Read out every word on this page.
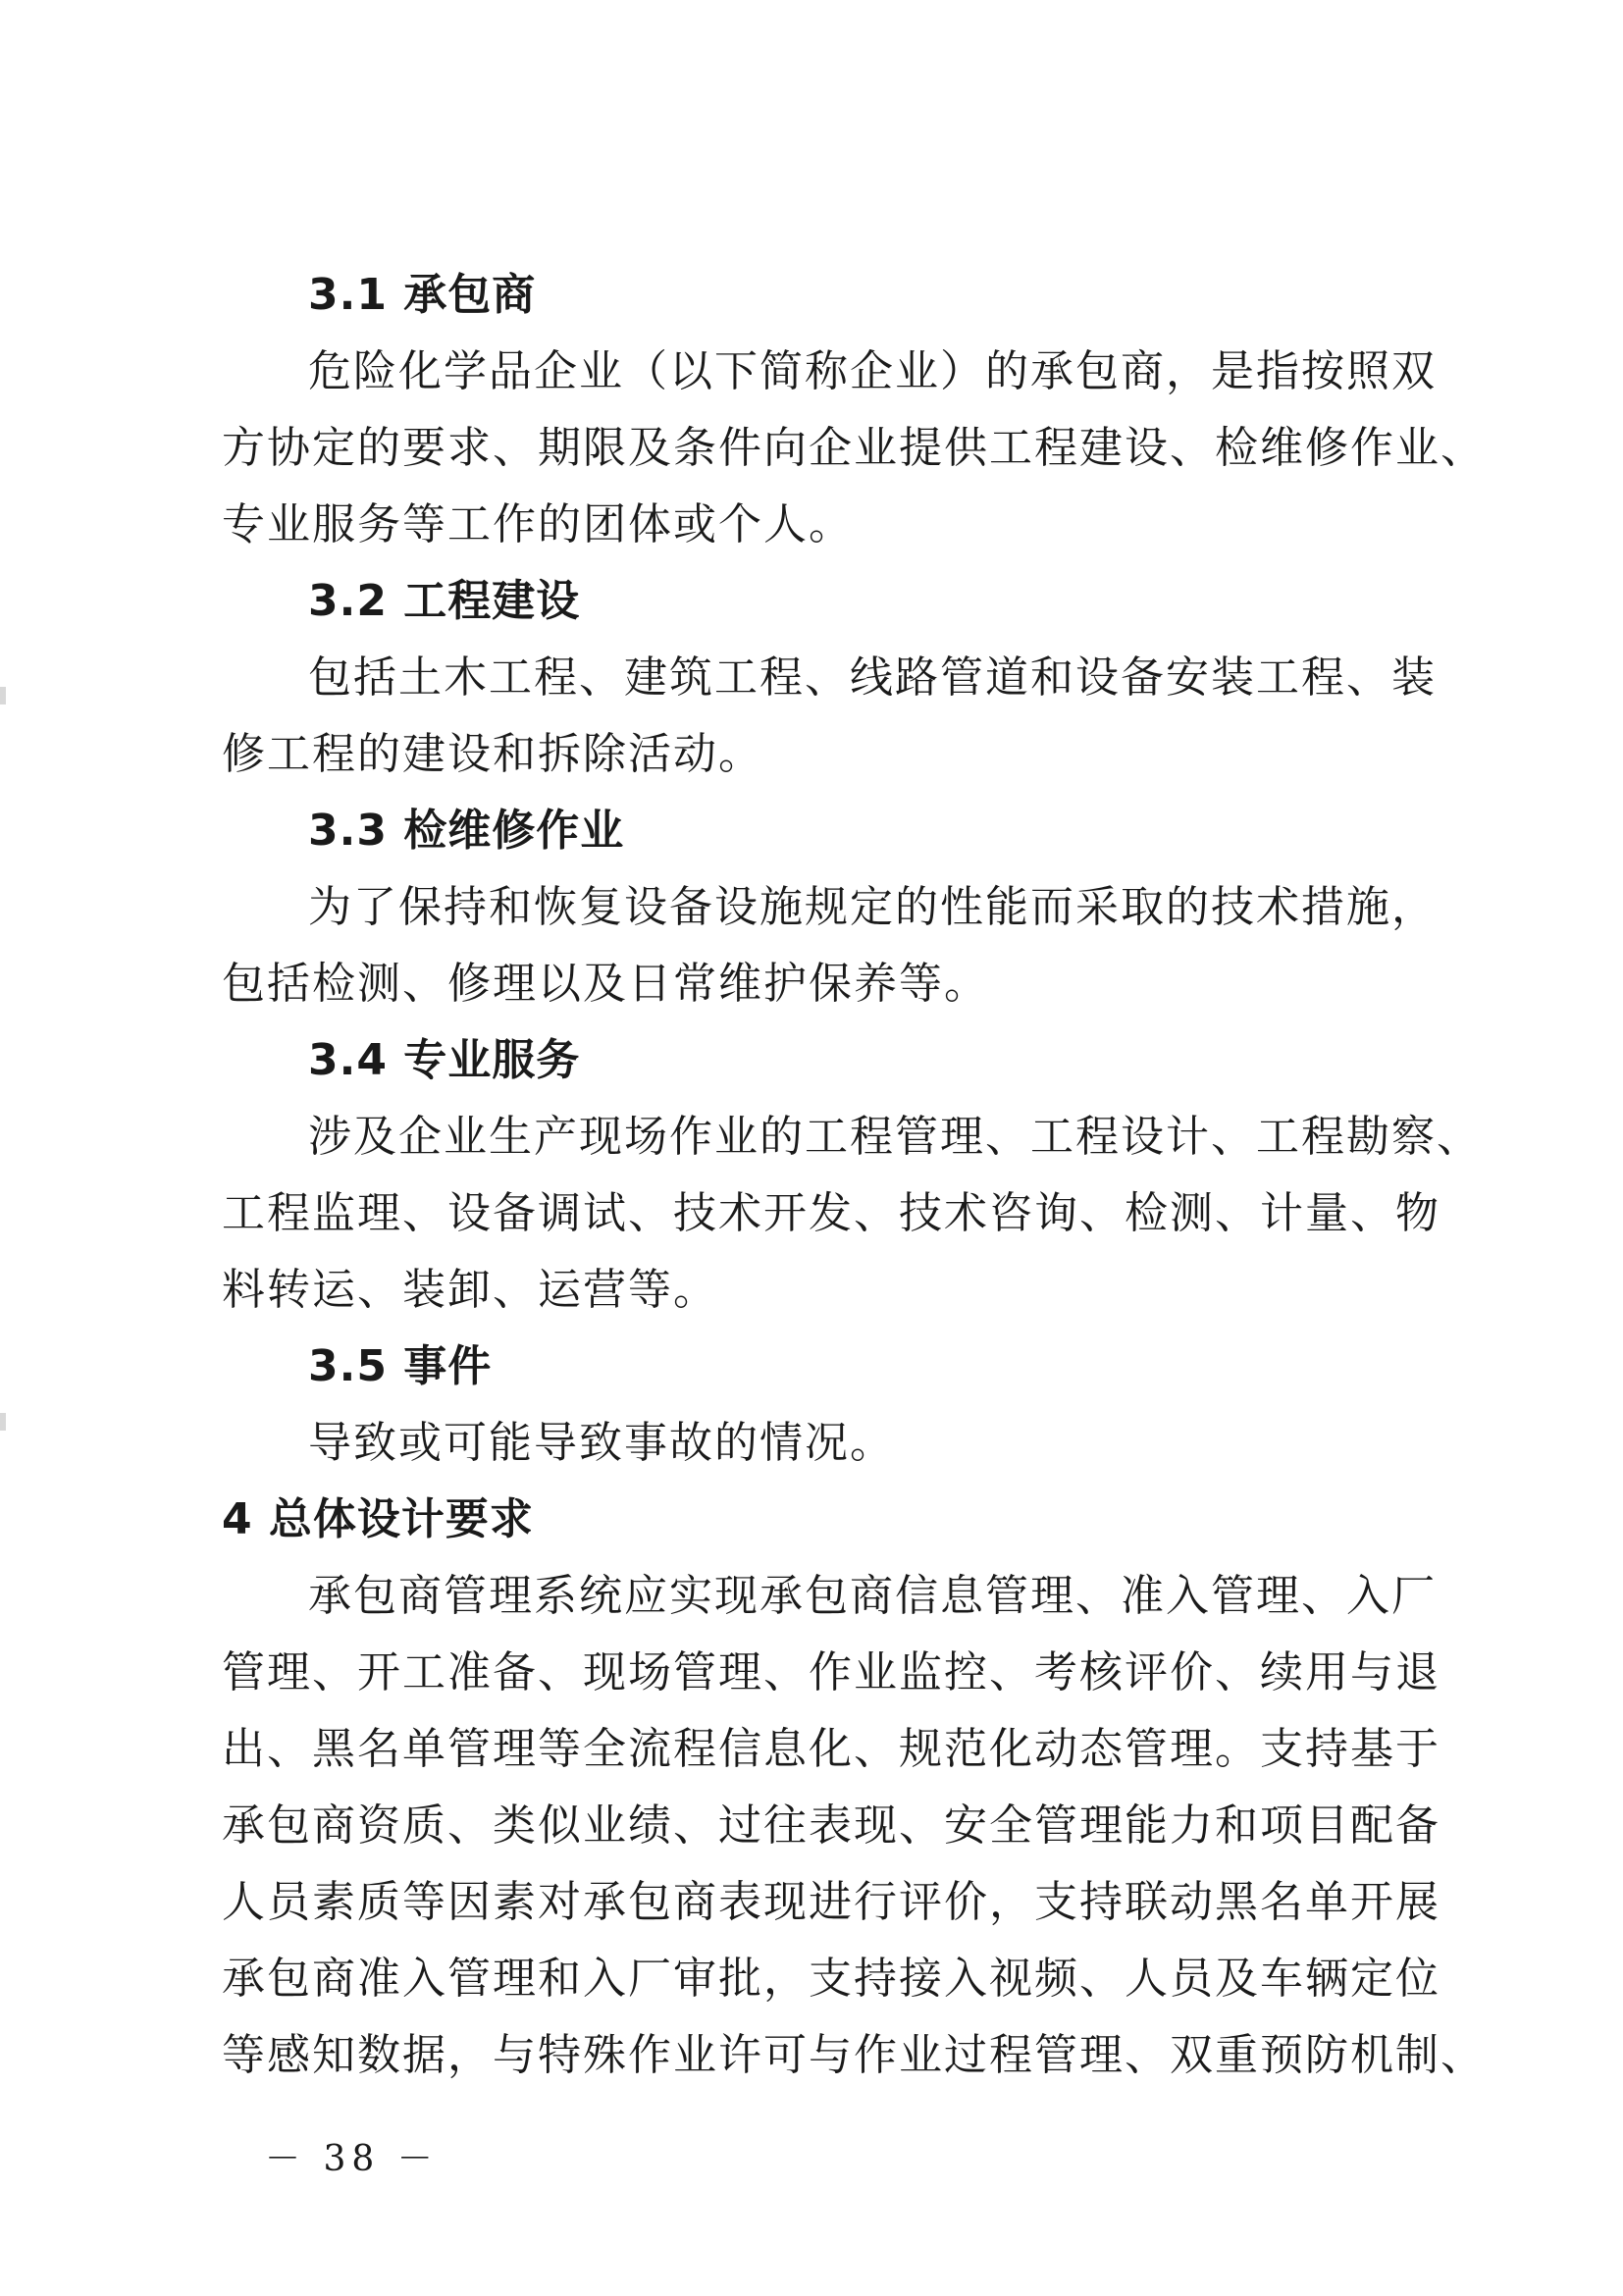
3.1 承包商
危险化学品企业（以下简称企业）的承包商，是指按照双
方协定的要求、期限及条件向企业提供工程建设、检维修作业、
专业服务等工作的团体或个人。
3.2 工程建设
包括土木工程、建筑工程、线路管道和设备安装工程、装
修工程的建设和拆除活动。
3.3 检维修作业
为了保持和恢复设备设施规定的性能而采取的技术措施，
包括检测、修理以及日常维护保养等。
3.4 专业服务
涉及企业生产现场作业的工程管理、工程设计、工程勘察、
工程监理、设备调试、技术开发、技术咨询、检测、计量、物
料转运、装卸、运营等。
3.5 事件
导致或可能导致事故的情况。
4 总体设计要求
承包商管理系统应实现承包商信息管理、准入管理、入厂
管理、开工准备、现场管理、作业监控、考核评价、续用与退
出、黑名单管理等全流程信息化、规范化动态管理。支持基于
承包商资质、类似业绩、过往表现、安全管理能力和项目配备
人员素质等因素对承包商表现进行评价，支持联动黑名单开展
承包商准入管理和入厂审批，支持接入视频、人员及车辆定位
等感知数据，与特殊作业许可与作业过程管理、双重预防机制、
－ 38 －
